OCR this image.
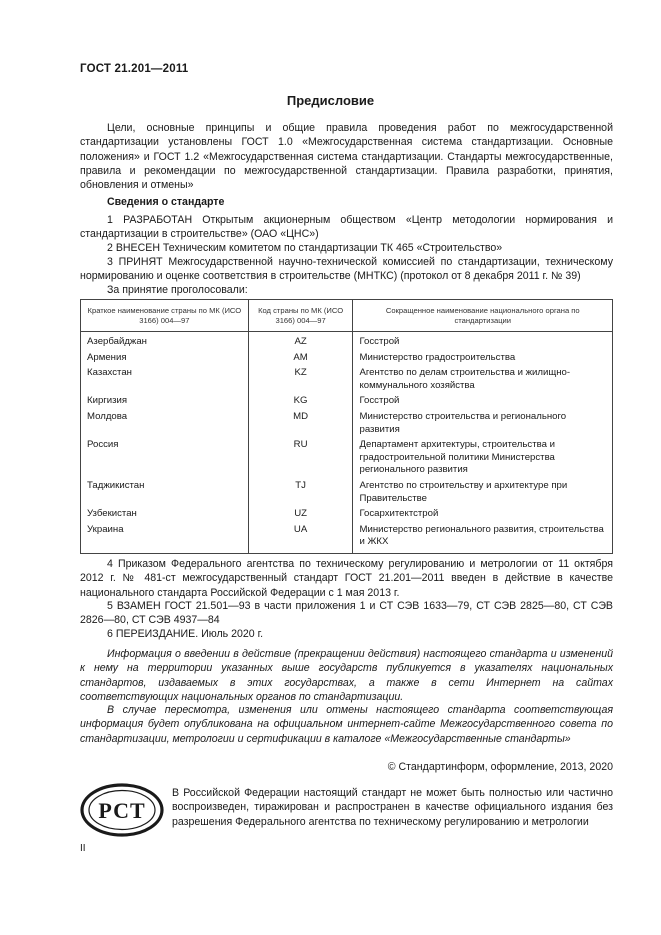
ГОСТ 21.201—2011
Предисловие
Цели, основные принципы и общие правила проведения работ по межгосударственной стандартизации установлены ГОСТ 1.0 «Межгосударственная система стандартизации. Основные положения» и ГОСТ 1.2 «Межгосударственная система стандартизации. Стандарты межгосударственные, правила и рекомендации по межгосударственной стандартизации. Правила разработки, принятия, обновления и отмены»
Сведения о стандарте
1 РАЗРАБОТАН Открытым акционерным обществом «Центр методологии нормирования и стандартизации в строительстве» (ОАО «ЦНС»)
2 ВНЕСЕН Техническим комитетом по стандартизации ТК 465 «Строительство»
3 ПРИНЯТ Межгосударственной научно-технической комиссией по стандартизации, техническому нормированию и оценке соответствия в строительстве (МНТКС) (протокол от 8 декабря 2011 г. № 39)
За принятие проголосовали:
Краткое наименование страны по МК (ИСО 3166) 004—97	Код страны по МК (ИСО 3166) 004—97	Сокращенное наименование национального органа по стандартизации
Азербайджан	AZ	Госстрой
Армения	AM	Министерство градостроительства
Казахстан	KZ	Агентство по делам строительства и жилищно-коммунального хозяйства
Киргизия	KG	Госстрой
Молдова	MD	Министерство строительства и регионального развития
Россия	RU	Департамент архитектуры, строительства и градостроительной политики Министерства регионального развития
Таджикистан	TJ	Агентство по строительству и архитектуре при Правительстве
Узбекистан	UZ	Госархитектстрой
Украина	UA	Министерство регионального развития, строительства и ЖКХ
4 Приказом Федерального агентства по техническому регулированию и метрологии от 11 октября 2012 г. № 481-ст межгосударственный стандарт ГОСТ 21.201—2011 введен в действие в качестве национального стандарта Российской Федерации с 1 мая 2013 г.
5 ВЗАМЕН ГОСТ 21.501—93 в части приложения 1 и СТ СЭВ 1633—79, СТ СЭВ 2825—80, СТ СЭВ 2826—80, СТ СЭВ 4937—84
6 ПЕРЕИЗДАНИЕ. Июль 2020 г.
Информация о введении в действие (прекращении действия) настоящего стандарта и изменений к нему на территории указанных выше государств публикуется в указателях национальных стандартов, издаваемых в этих государствах, а также в сети Интернет на сайтах соответствующих национальных органов по стандартизации.
В случае пересмотра, изменения или отмены настоящего стандарта соответствующая информация будет опубликована на официальном интернет-сайте Межгосударственного совета по стандартизации, метрологии и сертификации в каталоге «Межгосударственные стандарты»
© Стандартинформ, оформление, 2013, 2020
РСТ
В Российской Федерации настоящий стандарт не может быть полностью или частично воспроизведен, тиражирован и распространен в качестве официального издания без разрешения Федерального агентства по техническому регулированию и метрологии
II
